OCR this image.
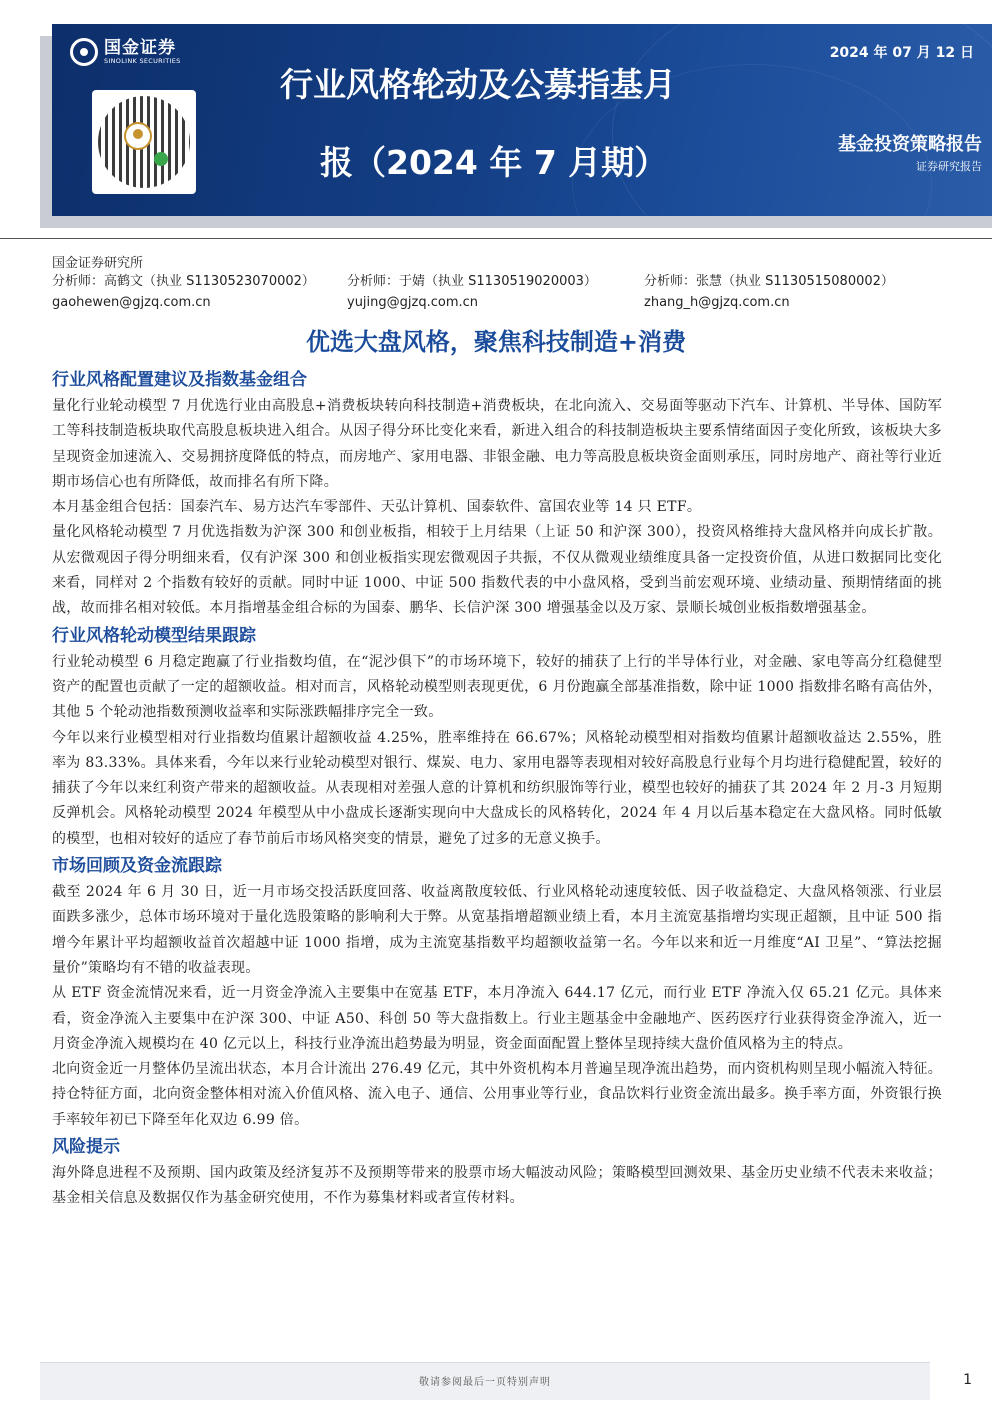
国金证券
SINOLINK SECURITIES
行业风格轮动及公募指基月
报（2024 年 7 月期）
2024 年 07 月 12 日
基金投资策略报告
证券研究报告
国金证券研究所
分析师：高鹤文（执业 S1130523070002）
gaohewen@gjzq.com.cn
分析师：于婧（执业 S1130519020003）
yujing@gjzq.com.cn
分析师：张慧（执业 S1130515080002）
zhang_h@gjzq.com.cn
优选大盘风格，聚焦科技制造+消费
行业风格配置建议及指数基金组合

量化行业轮动模型 7 月优选行业由高股息+消费板块转向科技制造+消费板块，在北向流入、交易面等驱动下汽车、计算机、半导体、国防军工等科技制造板块取代高股息板块进入组合。从因子得分环比变化来看，新进入组合的科技制造板块主要系情绪面因子变化所致，该板块大多呈现资金加速流入、交易拥挤度降低的特点，而房地产、家用电器、非银金融、电力等高股息板块资金面则承压，同时房地产、商社等行业近期市场信心也有所降低，故而排名有所下降。

本月基金组合包括：国泰汽车、易方达汽车零部件、天弘计算机、国泰软件、富国农业等 14 只 ETF。

量化风格轮动模型 7 月优选指数为沪深 300 和创业板指，相较于上月结果（上证 50 和沪深 300），投资风格维持大盘风格并向成长扩散。从宏微观因子得分明细来看，仅有沪深 300 和创业板指实现宏微观因子共振，不仅从微观业绩维度具备一定投资价值，从进口数据同比变化来看，同样对 2 个指数有较好的贡献。同时中证 1000、中证 500 指数代表的中小盘风格，受到当前宏观环境、业绩动量、预期情绪面的挑战，故而排名相对较低。本月指增基金组合标的为国泰、鹏华、长信沪深 300 增强基金以及万家、景顺长城创业板指数增强基金。

行业风格轮动模型结果跟踪

行业轮动模型 6 月稳定跑赢了行业指数均值，在“泥沙俱下”的市场环境下，较好的捕获了上行的半导体行业，对金融、家电等高分红稳健型资产的配置也贡献了一定的超额收益。相对而言，风格轮动模型则表现更优，6 月份跑赢全部基准指数，除中证 1000 指数排名略有高估外，其他 5 个轮动池指数预测收益率和实际涨跌幅排序完全一致。

今年以来行业模型相对行业指数均值累计超额收益 4.25%，胜率维持在 66.67%；风格轮动模型相对指数均值累计超额收益达 2.55%，胜率为 83.33%。具体来看，今年以来行业轮动模型对银行、煤炭、电力、家用电器等表现相对较好高股息行业每个月均进行稳健配置，较好的捕获了今年以来红利资产带来的超额收益。从表现相对差强人意的计算机和纺织服饰等行业，模型也较好的捕获了其 2024 年 2 月-3 月短期反弹机会。风格轮动模型 2024 年模型从中小盘成长逐渐实现向中大盘成长的风格转化，2024 年 4 月以后基本稳定在大盘风格。同时低敏的模型，也相对较好的适应了春节前后市场风格突变的情景，避免了过多的无意义换手。

市场回顾及资金流跟踪

截至 2024 年 6 月 30 日，近一月市场交投活跃度回落、收益离散度较低、行业风格轮动速度较低、因子收益稳定、大盘风格领涨、行业层面跌多涨少，总体市场环境对于量化选股策略的影响利大于弊。从宽基指增超额业绩上看，本月主流宽基指增均实现正超额，且中证 500 指增今年累计平均超额收益首次超越中证 1000 指增，成为主流宽基指数平均超额收益第一名。今年以来和近一月维度“AI 卫星”、“算法挖掘量价”策略均有不错的收益表现。

从 ETF 资金流情况来看，近一月资金净流入主要集中在宽基 ETF，本月净流入 644.17 亿元，而行业 ETF 净流入仅 65.21 亿元。具体来看，资金净流入主要集中在沪深 300、中证 A50、科创 50 等大盘指数上。行业主题基金中金融地产、医药医疗行业获得资金净流入，近一月资金净流入规模均在 40 亿元以上，科技行业净流出趋势最为明显，资金面面配置上整体呈现持续大盘价值风格为主的特点。

北向资金近一月整体仍呈流出状态，本月合计流出 276.49 亿元，其中外资机构本月普遍呈现净流出趋势，而内资机构则呈现小幅流入特征。持仓特征方面，北向资金整体相对流入价值风格、流入电子、通信、公用事业等行业，食品饮料行业资金流出最多。换手率方面，外资银行换手率较年初已下降至年化双边 6.99 倍。

风险提示

海外降息进程不及预期、国内政策及经济复苏不及预期等带来的股票市场大幅波动风险；策略模型回测效果、基金历史业绩不代表未来收益；基金相关信息及数据仅作为基金研究使用，不作为募集材料或者宣传材料。

敬请参阅最后一页特别声明	1
